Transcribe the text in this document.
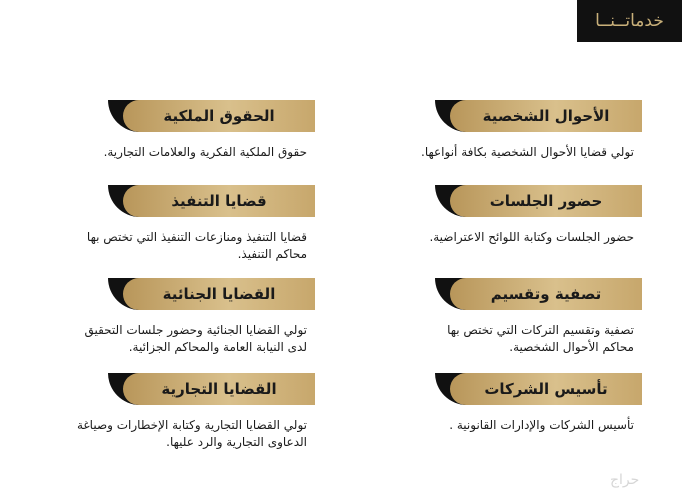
خدماتــنــا
الأحوال الشخصية
تولي قضايا الأحوال الشخصية بكافة أنواعها.
حضور الجلسات
حضور الجلسات وكتابة اللوائح الاعتراضية.
تصفية وتقسيم
تصفية وتقسيم التركات التي تختص بها محاكم الأحوال الشخصية.
تأسيس الشركات
تأسيس الشركات والإدارات القانونية .
الحقوق الملكية
حقوق الملكية الفكرية والعلامات التجارية.
قضايا التنفيذ
قضايا التنفيذ ومنازعات التنفيذ التي تختص بها محاكم التنفيذ.
القضايا الجنائية
تولي القضايا الجنائية وحضور جلسات التحقيق لدى النيابة العامة والمحاكم الجزائية.
القضايا التجارية
تولي القضايا التجارية وكتابة الإخطارات وصياغة الدعاوى التجارية والرد عليها.
حراج
